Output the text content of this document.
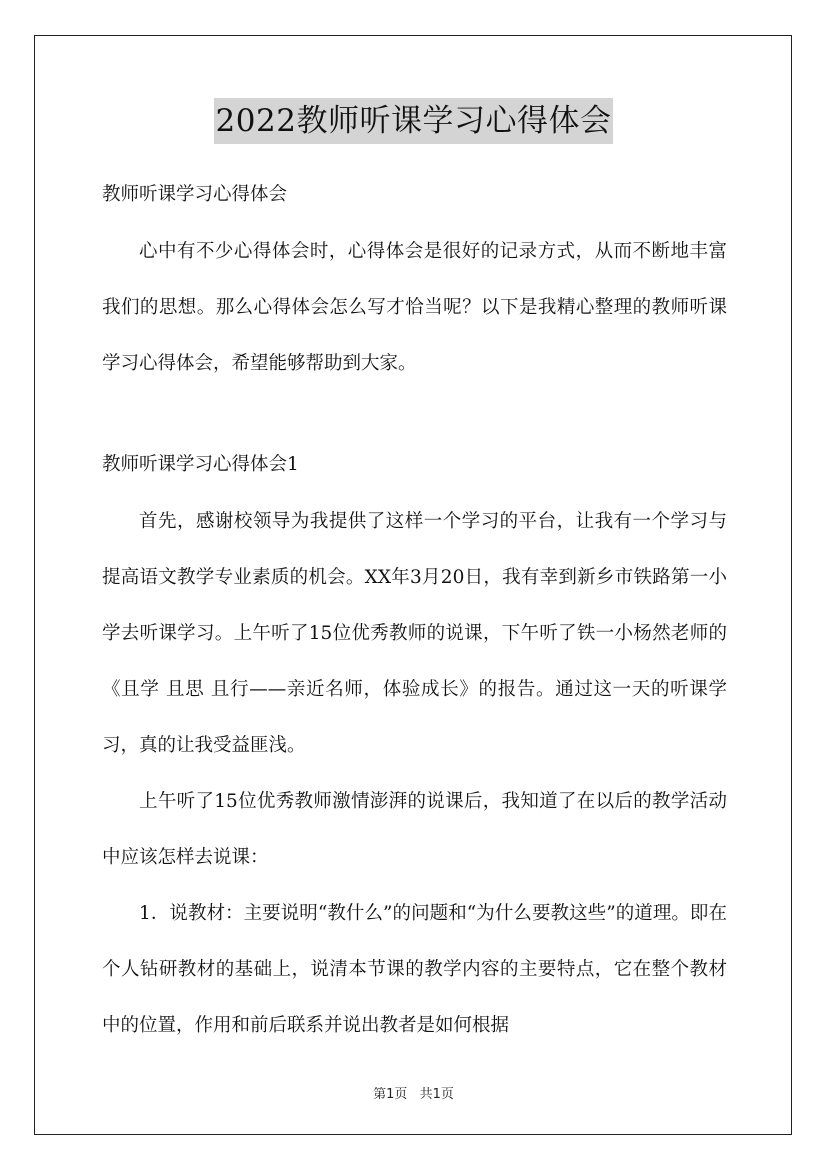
2022教师听课学习心得体会

教师听课学习心得体会

心中有不少心得体会时，心得体会是很好的记录方式，从而不断地丰富我们的思想。那么心得体会怎么写才恰当呢？以下是我精心整理的教师听课学习心得体会，希望能够帮助到大家。

教师听课学习心得体会1

首先，感谢校领导为我提供了这样一个学习的平台，让我有一个学习与提高语文教学专业素质的机会。XX年3月20日，我有幸到新乡市铁路第一小学去听课学习。上午听了15位优秀教师的说课，下午听了铁一小杨然老师的《且学 且思 且行——亲近名师，体验成长》的报告。通过这一天的听课学习，真的让我受益匪浅。

上午听了15位优秀教师激情澎湃的说课后，我知道了在以后的教学活动中应该怎样去说课：

1．说教材：主要说明“教什么”的问题和“为什么要教这些”的道理。即在个人钻研教材的基础上，说清本节课的教学内容的主要特点，它在整个教材中的位置，作用和前后联系并说出教者是如何根据

第1页 共1页
